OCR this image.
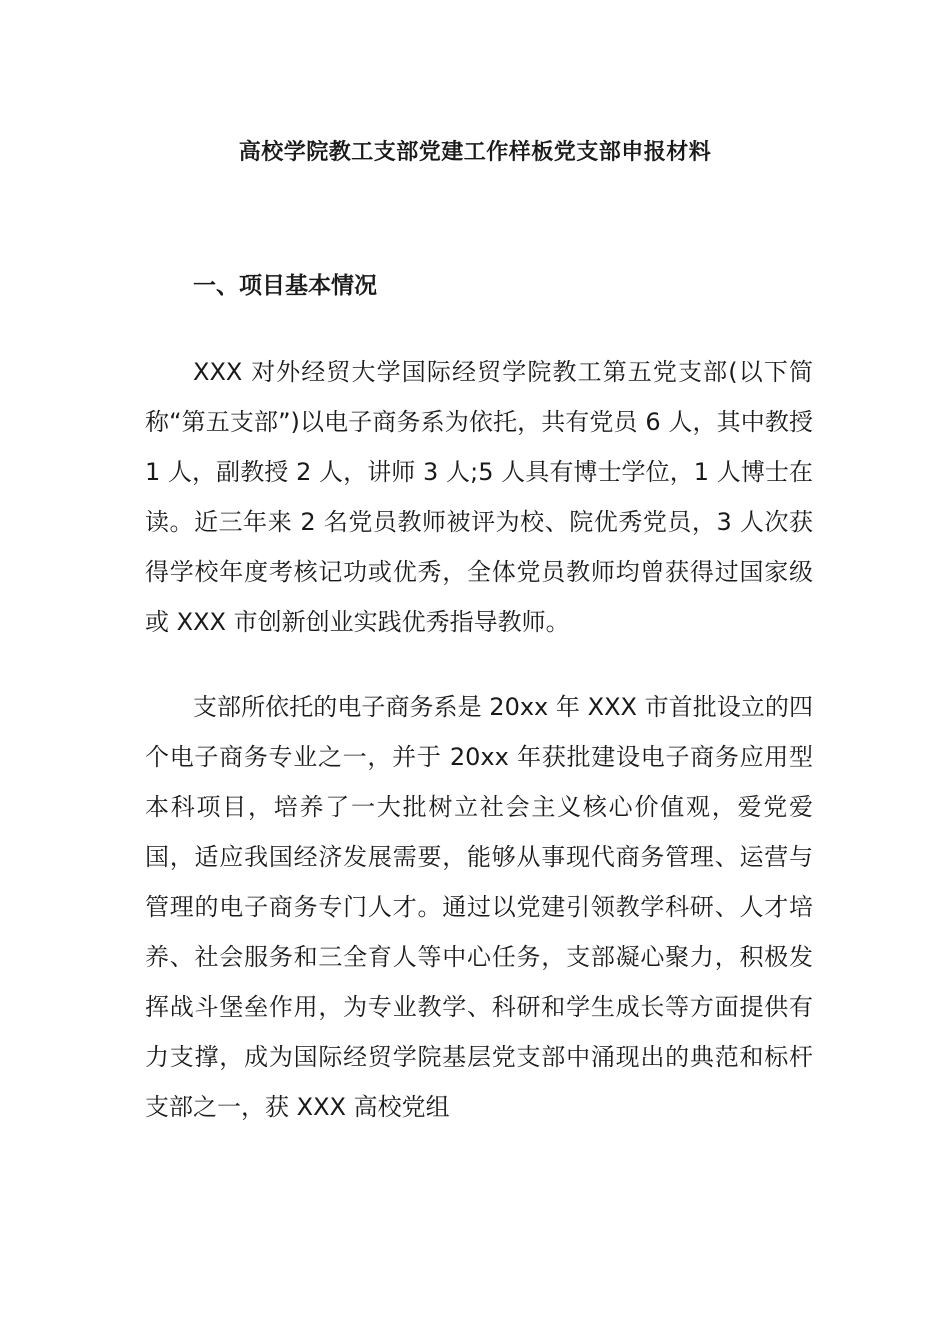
高校学院教工支部党建工作样板党支部申报材料
一、项目基本情况

XXX 对外经贸大学国际经贸学院教工第五党支部(以下简称“第五支部”)以电子商务系为依托，共有党员 6 人，其中教授 1 人，副教授 2 人，讲师 3 人;5 人具有博士学位，1 人博士在读。近三年来 2 名党员教师被评为校、院优秀党员，3 人次获得学校年度考核记功或优秀，全体党员教师均曾获得过国家级或 XXX 市创新创业实践优秀指导教师。

支部所依托的电子商务系是 20xx 年 XXX 市首批设立的四个电子商务专业之一，并于 20xx 年获批建设电子商务应用型本科项目，培养了一大批树立社会主义核心价值观，爱党爱国，适应我国经济发展需要，能够从事现代商务管理、运营与管理的电子商务专门人才。通过以党建引领教学科研、人才培养、社会服务和三全育人等中心任务，支部凝心聚力，积极发挥战斗堡垒作用，为专业教学、科研和学生成长等方面提供有力支撑，成为国际经贸学院基层党支部中涌现出的典范和标杆支部之一，获 XXX 高校党组
